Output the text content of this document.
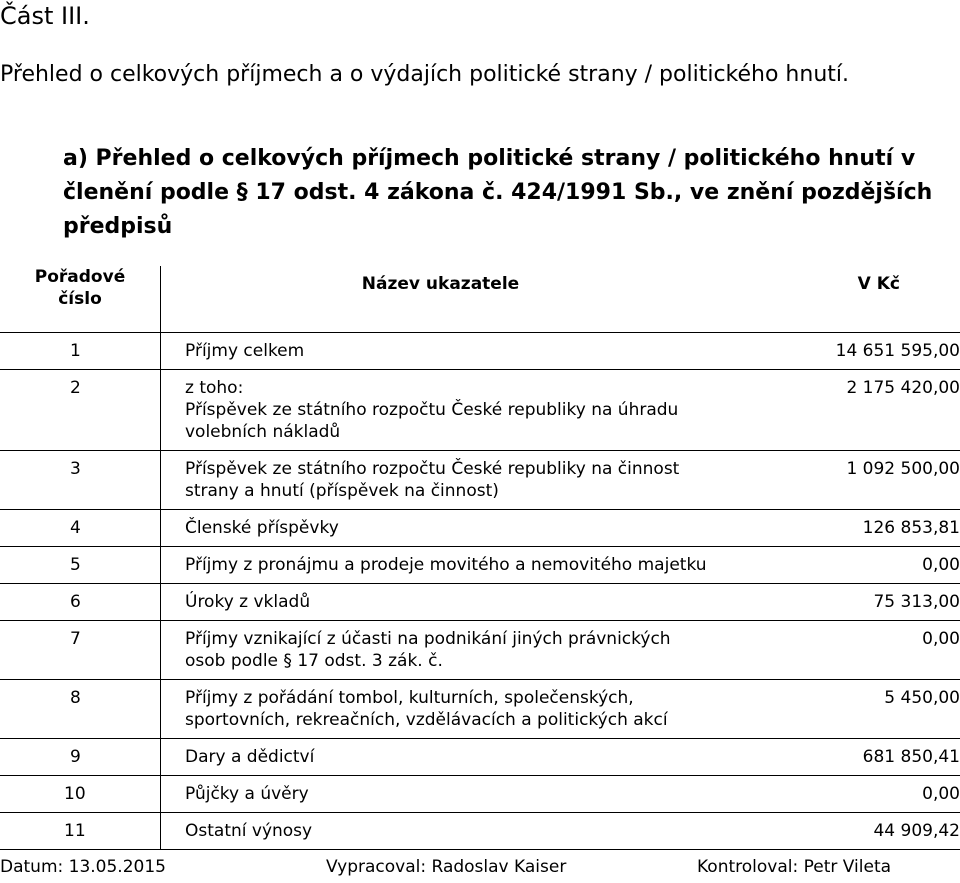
Část III.
Přehled o celkových příjmech a o výdajích politické strany / politického hnutí.
a) Přehled o celkových příjmech politické strany / politického hnutí v členění podle § 17 odst. 4 zákona č. 424/1991 Sb., ve znění pozdějších předpisů
Pořadové číslo	Název ukazatele	V Kč

1	Příjmy celkem	14 651 595,00

2	z toho:
Příspěvek ze státního rozpočtu České republiky na úhradu
volebních nákladů	2 175 420,00

3	Příspěvek ze státního rozpočtu České republiky na činnost
strany a hnutí (příspěvek na činnost)	1 092 500,00

4	Členské příspěvky	126 853,81

5	Příjmy z pronájmu a prodeje movitého a nemovitého majetku	0,00

6	Úroky z vkladů	75 313,00

7	Příjmy vznikající z účasti na podnikání jiných právnických
osob podle § 17 odst. 3 zák. č.	0,00

8	Příjmy z pořádání tombol, kulturních, společenských,
sportovních, rekreačních, vzdělávacích a politických akcí	5 450,00

9	Dary a dědictví	681 850,41

10	Půjčky a úvěry	0,00

11	Ostatní výnosy	44 909,42
Datum: 13.05.2015	Vypracoval: Radoslav Kaiser	Kontroloval: Petr Vileta
